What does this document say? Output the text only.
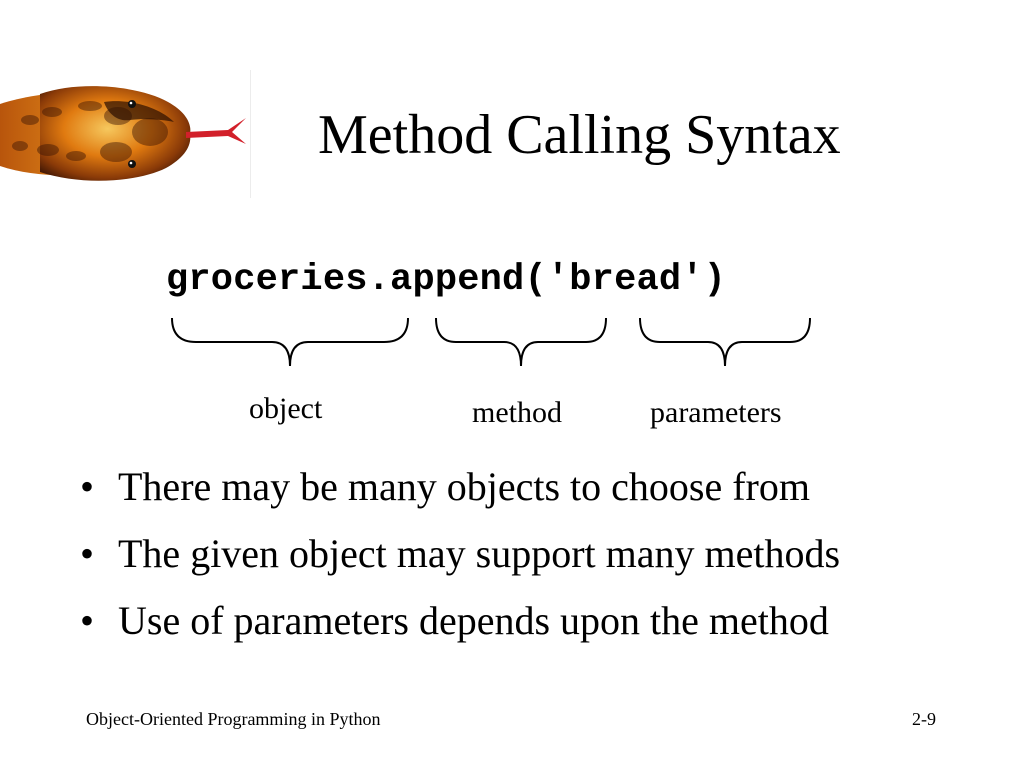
Method Calling Syntax
groceries.append('bread')
object	method	parameters
• There may be many objects to choose from
• The given object may support many methods
• Use of parameters depends upon the method
Object-Oriented Programming in Python	2-9
